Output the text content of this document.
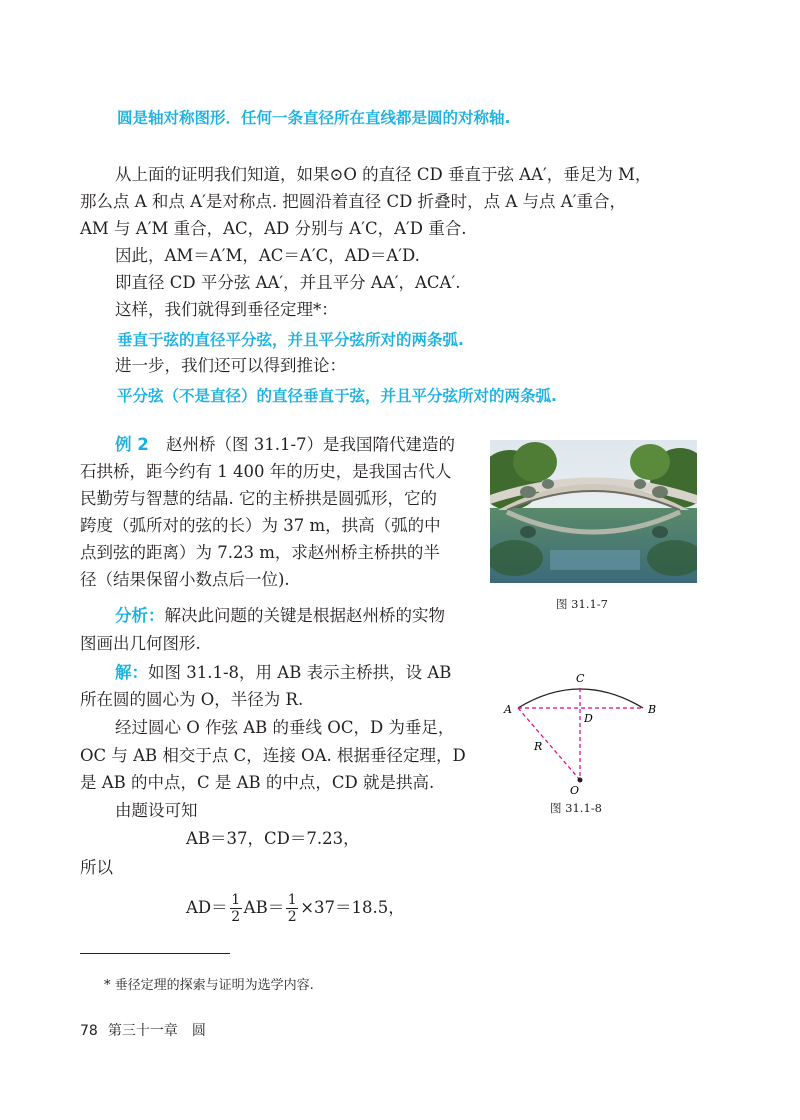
圆是轴对称图形．任何一条直径所在直线都是圆的对称轴.
从上面的证明我们知道，如果⊙O 的直径 CD 垂直于弦 AA′，垂足为 M，
那么点 A 和点 A′是对称点. 把圆沿着直径 CD 折叠时，点 A 与点 A′重合，
AM 与 A′M 重合，AC，AD 分别与 A′C，A′D 重合.
因此，AM＝A′M，AC＝A′C，AD＝A′D.
即直径 CD 平分弦 AA′，并且平分 AA′，ACA′.
这样，我们就得到垂径定理*：
垂直于弦的直径平分弦，并且平分弦所对的两条弧.
进一步，我们还可以得到推论：
平分弦（不是直径）的直径垂直于弦，并且平分弦所对的两条弧.
例 2 赵州桥（图 31.1-7）是我国隋代建造的
石拱桥，距今约有 1 400 年的历史，是我国古代人
民勤劳与智慧的结晶. 它的主桥拱是圆弧形，它的
跨度（弧所对的弦的长）为 37 m，拱高（弧的中
点到弦的距离）为 7.23 m，求赵州桥主桥拱的半
径（结果保留小数点后一位).
图 31.1-7
分析：解决此问题的关键是根据赵州桥的实物
图画出几何图形.
解：如图 31.1-8，用 AB 表示主桥拱，设 AB
所在圆的圆心为 O，半径为 R.
经过圆心 O 作弦 AB 的垂线 OC，D 为垂足，
OC 与 AB 相交于点 C，连接 OA. 根据垂径定理，D
是 AB 的中点，C 是 AB 的中点，CD 就是拱高.
由题设可知
AB＝37，CD＝7.23，
所以
$AD= \frac{1}{2} AB= \frac{1}{2} \times 37=18.5$，
C
A	B
D
R
O
图 31.1-8
* 垂径定理的探索与证明为选学内容.
78 第三十一章　圆
